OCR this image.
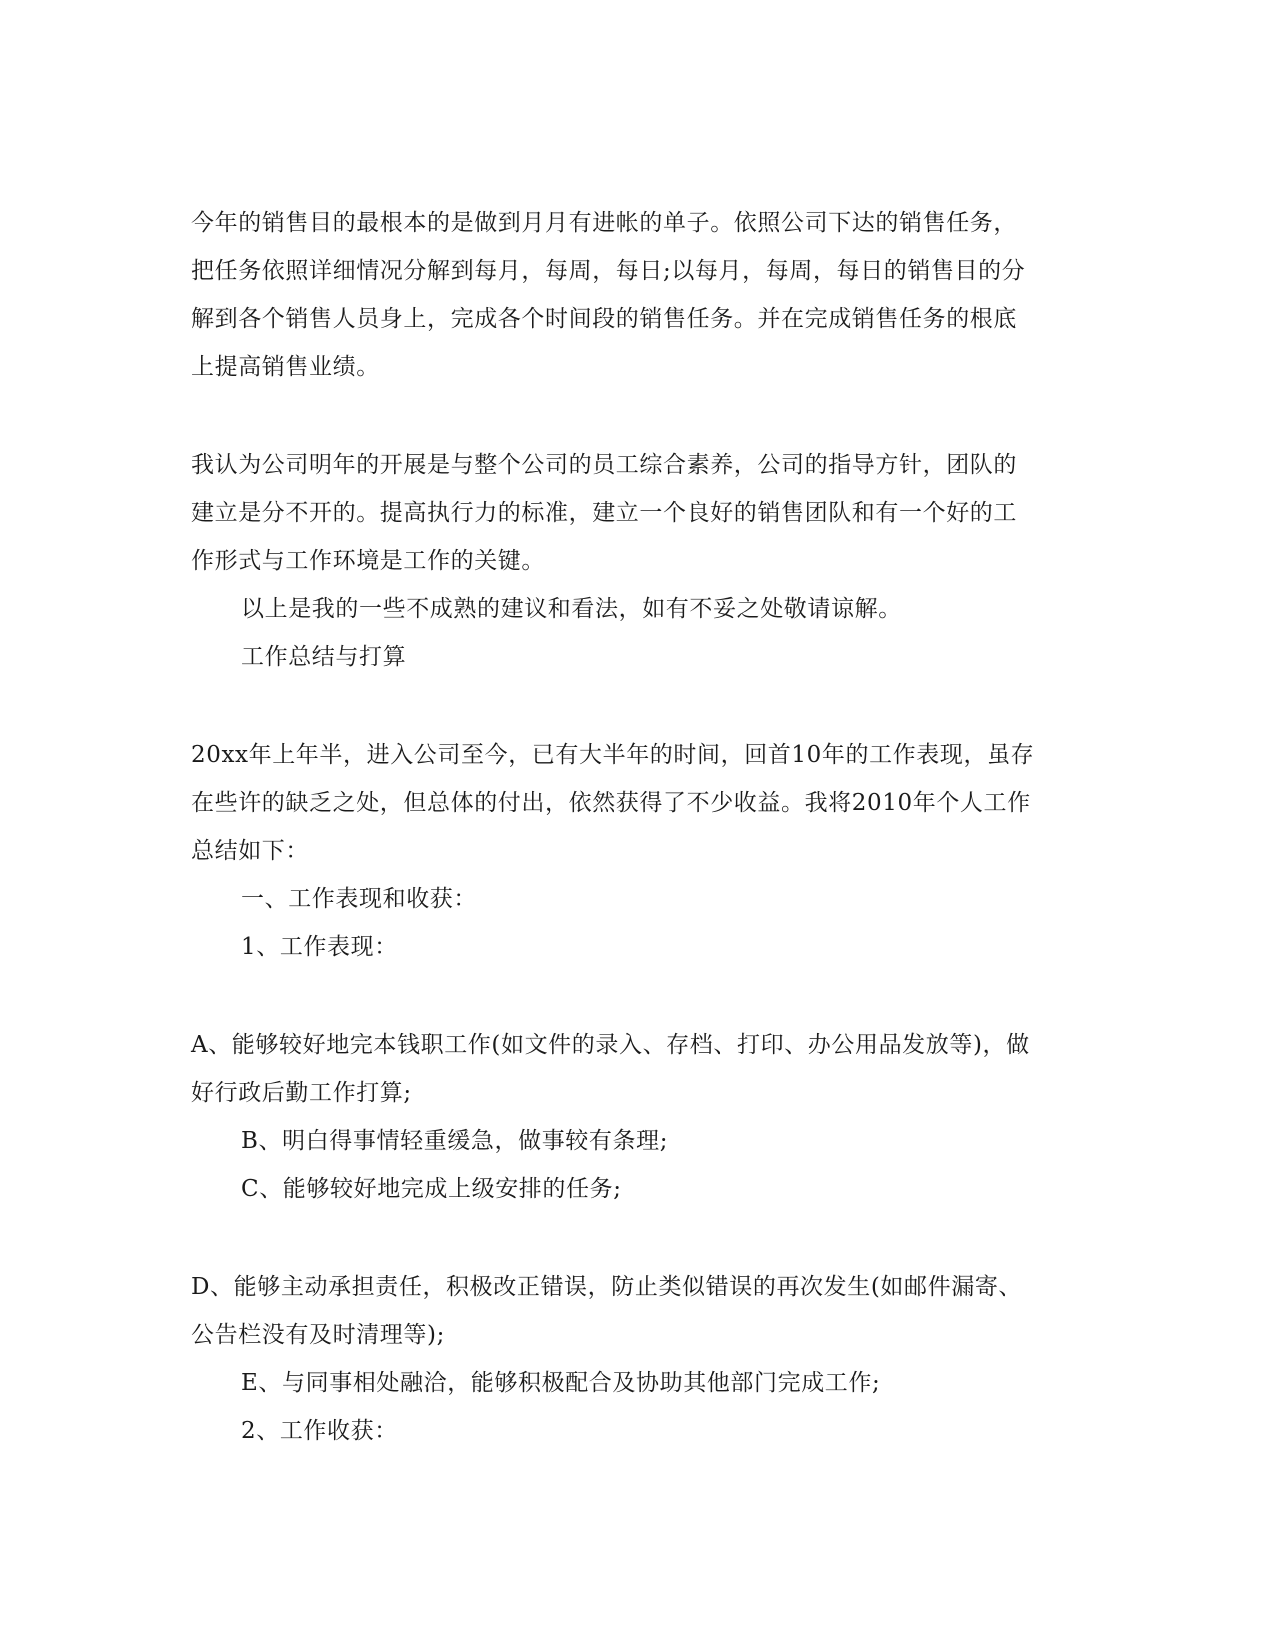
今年的销售目的最根本的是做到月月有进帐的单子。依照公司下达的销售任务，
把任务依照详细情况分解到每月，每周，每日;以每月，每周，每日的销售目的分
解到各个销售人员身上，完成各个时间段的销售任务。并在完成销售任务的根底
上提高销售业绩。
我认为公司明年的开展是与整个公司的员工综合素养，公司的指导方针，团队的
建立是分不开的。提高执行力的标准，建立一个良好的销售团队和有一个好的工
作形式与工作环境是工作的关键。
以上是我的一些不成熟的建议和看法，如有不妥之处敬请谅解。
工作总结与打算
20xx年上年半，进入公司至今，已有大半年的时间，回首10年的工作表现，虽存
在些许的缺乏之处，但总体的付出，依然获得了不少收益。我将2010年个人工作
总结如下：
一、工作表现和收获：
1、工作表现：
A、能够较好地完本钱职工作(如文件的录入、存档、打印、办公用品发放等)，做
好行政后勤工作打算;
B、明白得事情轻重缓急，做事较有条理;
C、能够较好地完成上级安排的任务;
D、能够主动承担责任，积极改正错误，防止类似错误的再次发生(如邮件漏寄、
公告栏没有及时清理等);
E、与同事相处融洽，能够积极配合及协助其他部门完成工作;
2、工作收获：
